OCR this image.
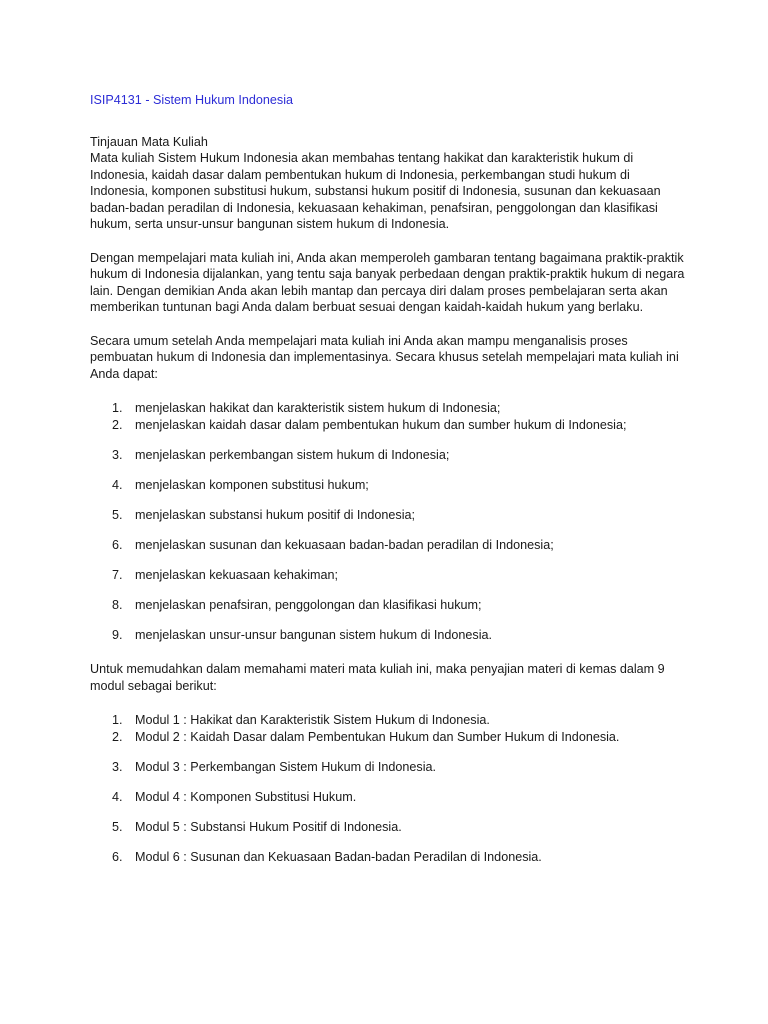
ISIP4131 - Sistem Hukum Indonesia
Tinjauan Mata Kuliah

Mata kuliah Sistem Hukum Indonesia akan membahas tentang hakikat dan karakteristik hukum di Indonesia, kaidah dasar dalam pembentukan hukum di Indonesia, perkembangan studi hukum di Indonesia, komponen substitusi hukum, substansi hukum positif di Indonesia, susunan dan kekuasaan badan-badan peradilan di Indonesia, kekuasaan kehakiman, penafsiran, penggolongan dan klasifikasi hukum, serta unsur-unsur bangunan sistem hukum di Indonesia.

Dengan mempelajari mata kuliah ini, Anda akan memperoleh gambaran tentang bagaimana praktik-praktik hukum di Indonesia dijalankan, yang tentu saja banyak perbedaan dengan praktik-praktik hukum di negara lain. Dengan demikian Anda akan lebih mantap dan percaya diri dalam proses pembelajaran serta akan memberikan tuntunan bagi Anda dalam berbuat sesuai dengan kaidah-kaidah hukum yang berlaku.

Secara umum setelah Anda mempelajari mata kuliah ini Anda akan mampu menganalisis proses pembuatan hukum di Indonesia dan implementasinya. Secara khusus setelah mempelajari mata kuliah ini Anda dapat:

1. menjelaskan hakikat dan karakteristik sistem hukum di Indonesia;
2. menjelaskan kaidah dasar dalam pembentukan hukum dan sumber hukum di Indonesia;
3. menjelaskan perkembangan sistem hukum di Indonesia;
4. menjelaskan komponen substitusi hukum;
5. menjelaskan substansi hukum positif di Indonesia;
6. menjelaskan susunan dan kekuasaan badan-badan peradilan di Indonesia;
7. menjelaskan kekuasaan kehakiman;
8. menjelaskan penafsiran, penggolongan dan klasifikasi hukum;
9. menjelaskan unsur-unsur bangunan sistem hukum di Indonesia.

Untuk memudahkan dalam memahami materi mata kuliah ini, maka penyajian materi di kemas dalam 9 modul sebagai berikut:

1. Modul 1 : Hakikat dan Karakteristik Sistem Hukum di Indonesia.
2. Modul 2 : Kaidah Dasar dalam Pembentukan Hukum dan Sumber Hukum di Indonesia.
3. Modul 3 : Perkembangan Sistem Hukum di Indonesia.
4. Modul 4 : Komponen Substitusi Hukum.
5. Modul 5 : Substansi Hukum Positif di Indonesia.
6. Modul 6 : Susunan dan Kekuasaan Badan-badan Peradilan di Indonesia.
